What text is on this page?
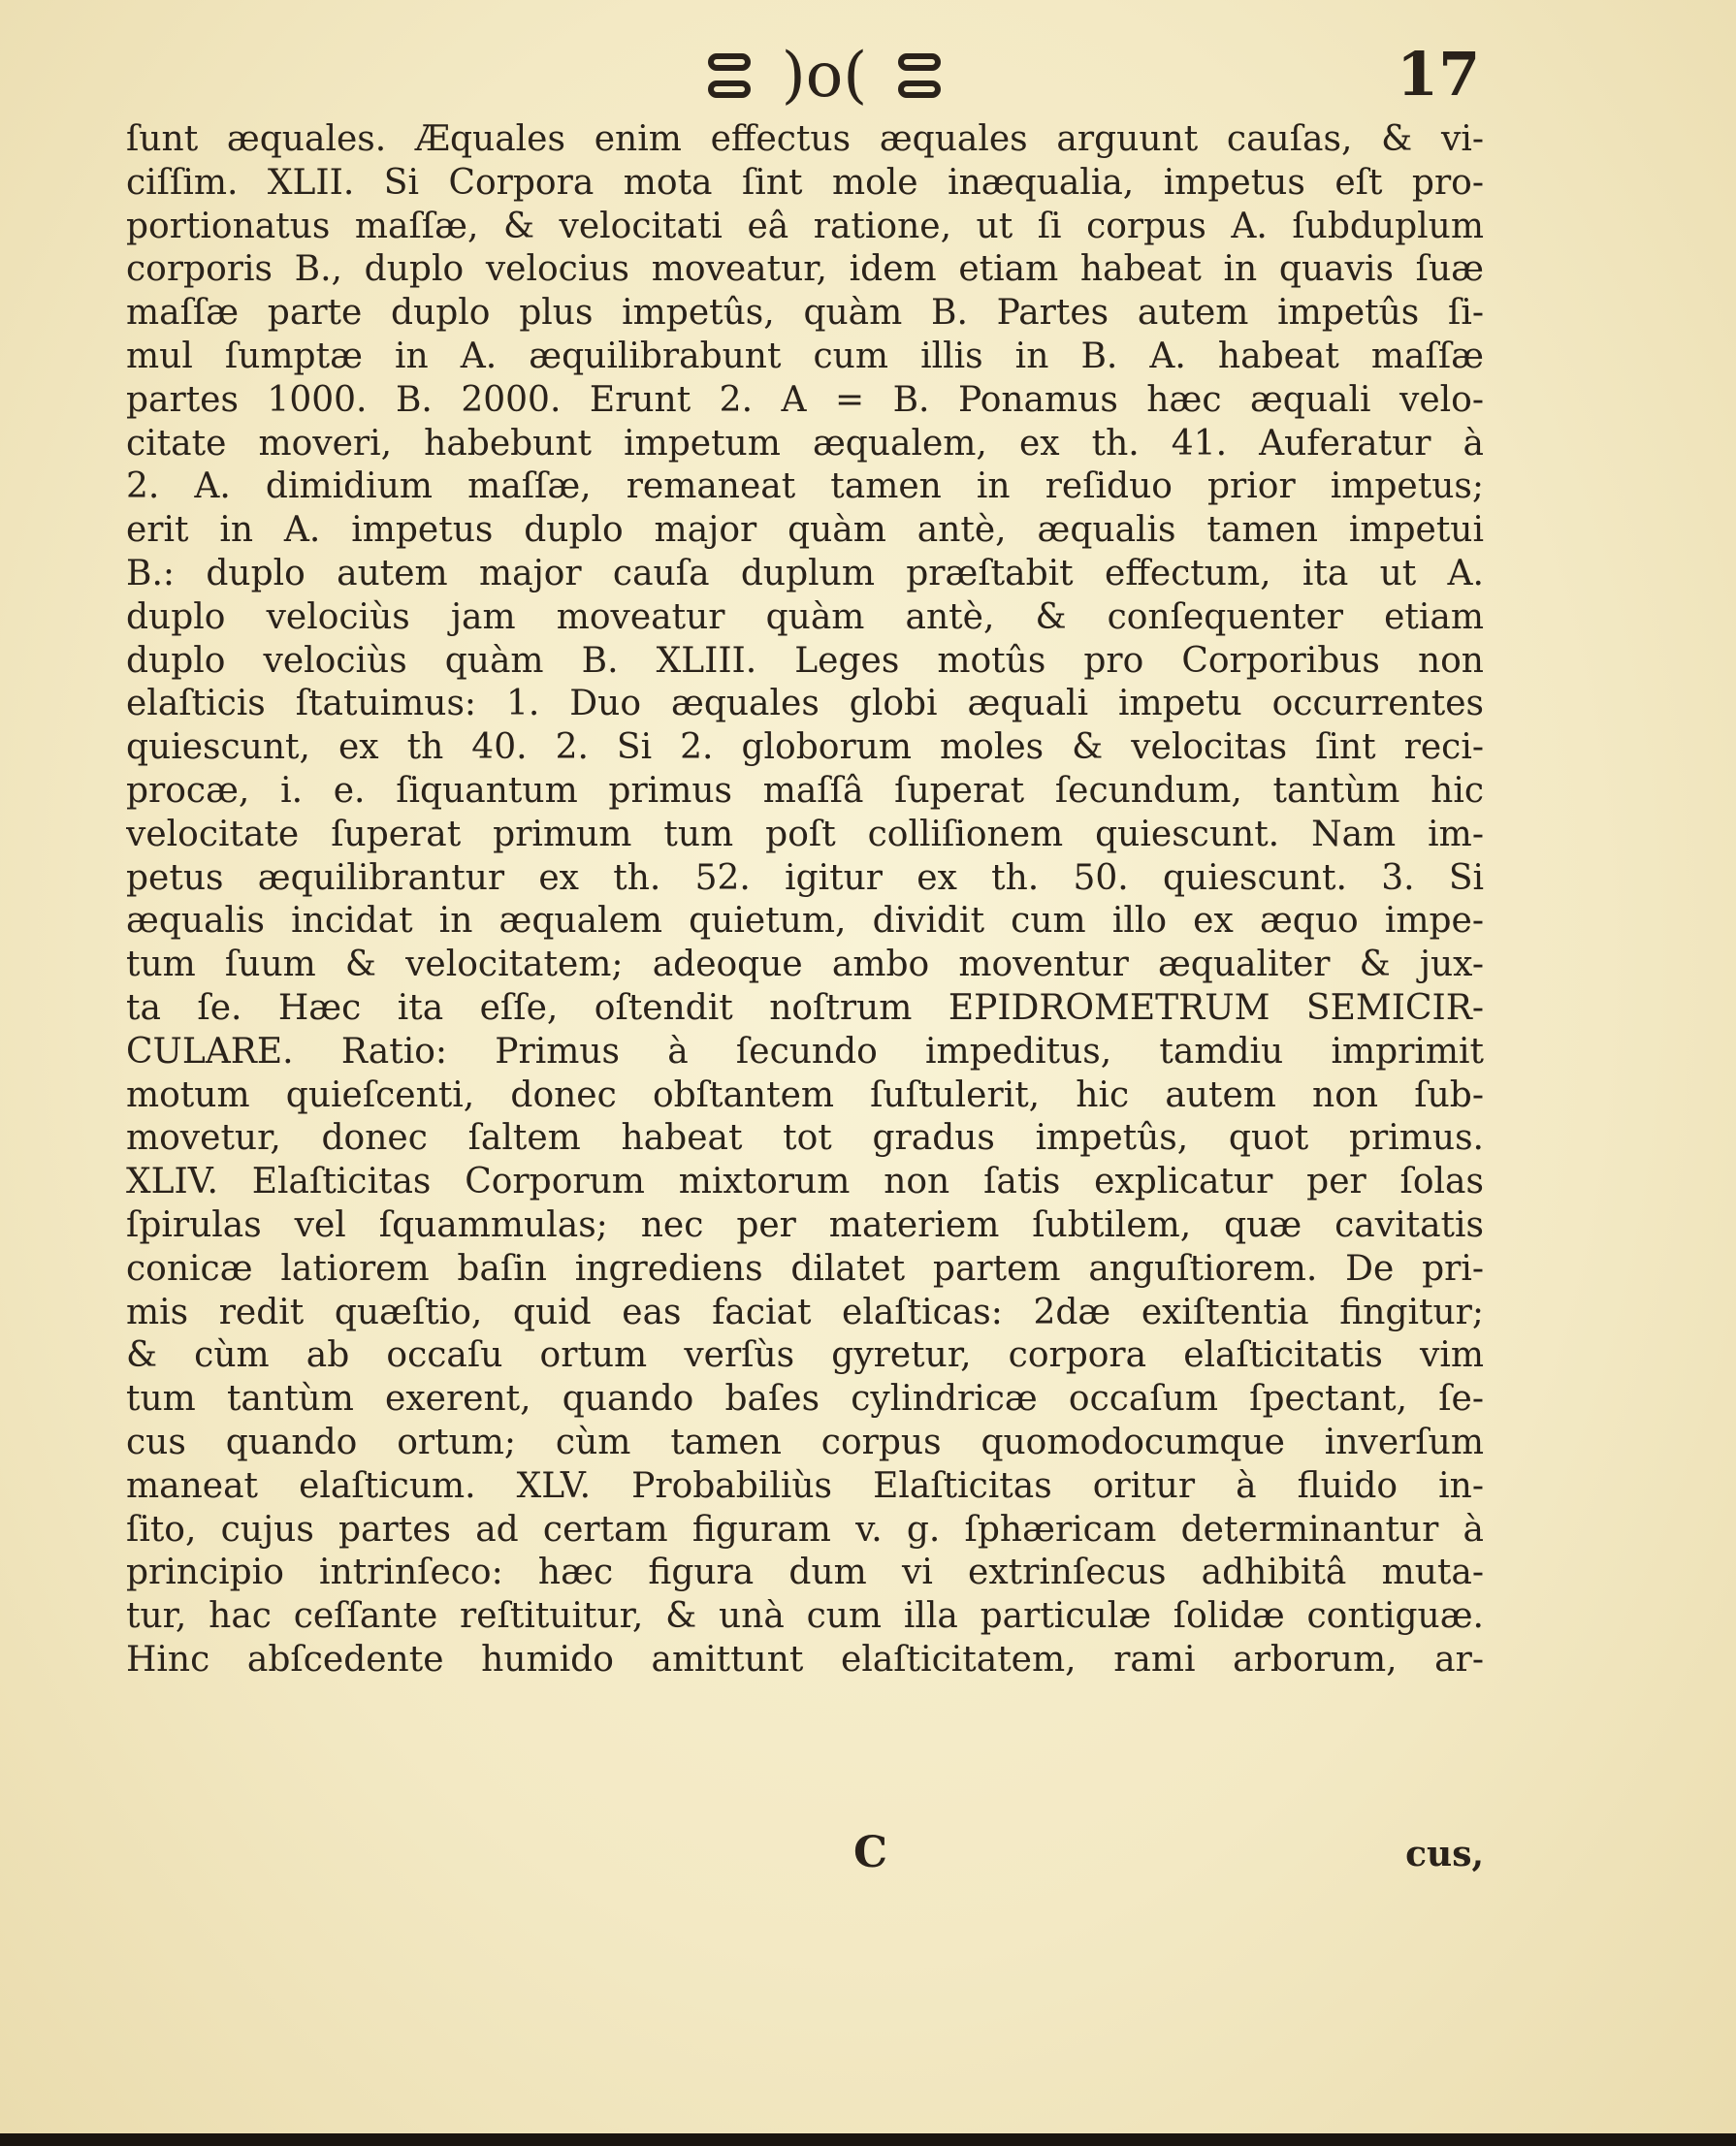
)o(	17
ſunt æquales. Æquales enim effectus æquales arguunt cauſas, & vi-
ciſſim. XLII. Si Corpora mota ſint mole inæqualia, impetus eſt pro-
portionatus maſſæ, & velocitati eâ ratione, ut ſi corpus A. ſubduplum
corporis B., duplo velocius moveatur, idem etiam habeat in quavis ſuæ
maſſæ parte duplo plus impetûs, quàm B. Partes autem impetûs ſi-
mul ſumptæ in A. æquilibrabunt cum illis in B. A. habeat maſſæ
partes 1000. B. 2000. Erunt 2. A = B. Ponamus hæc æquali velo-
citate moveri, habebunt impetum æqualem, ex th. 41. Auferatur à
2. A. dimidium maſſæ, remaneat tamen in reſiduo prior impetus;
erit in A. impetus duplo major quàm antè, æqualis tamen impetui
B.: duplo autem major cauſa duplum præſtabit effectum, ita ut A.
duplo velociùs jam moveatur quàm antè, & conſequenter etiam
duplo velociùs quàm B. XLIII. Leges motûs pro Corporibus non
elaſticis ſtatuimus: 1. Duo æquales globi æquali impetu occurrentes
quiescunt, ex th 40. 2. Si 2. globorum moles & velocitas ſint reci-
procæ, i. e. ſiquantum primus maſſâ ſuperat ſecundum, tantùm hic
velocitate ſuperat primum tum poſt colliſionem quiescunt. Nam im-
petus æquilibrantur ex th. 52. igitur ex th. 50. quiescunt. 3. Si
æqualis incidat in æqualem quietum, dividit cum illo ex æquo impe-
tum ſuum & velocitatem; adeoque ambo moventur æqualiter & jux-
ta ſe. Hæc ita eſſe, oſtendit noſtrum EPIDROMETRUM SEMICIR-
CULARE. Ratio: Primus à ſecundo impeditus, tamdiu imprimit
motum quieſcenti, donec obſtantem ſuſtulerit, hic autem non ſub-
movetur, donec ſaltem habeat tot gradus impetûs, quot primus.
XLIV. Elaſticitas Corporum mixtorum non ſatis explicatur per ſolas
ſpirulas vel ſquammulas; nec per materiem ſubtilem, quæ cavitatis
conicæ latiorem baſin ingrediens dilatet partem anguſtiorem. De pri-
mis redit quæſtio, quid eas faciat elaſticas: 2dæ exiſtentia fingitur;
& cùm ab occaſu ortum verſùs gyretur, corpora elaſticitatis vim
tum tantùm exerent, quando baſes cylindricæ occaſum ſpectant, ſe-
cus quando ortum; cùm tamen corpus quomodocumque inverſum
maneat elaſticum. XLV. Probabiliùs Elaſticitas oritur à fluido in-
ſito, cujus partes ad certam figuram v. g. ſphæricam determinantur à
principio intrinſeco: hæc figura dum vi extrinſecus adhibitâ muta-
tur, hac ceſſante reſtituitur, & unà cum illa particulæ ſolidæ contiguæ.
Hinc abſcedente humido amittunt elaſticitatem, rami arborum, ar-
C	cus,
